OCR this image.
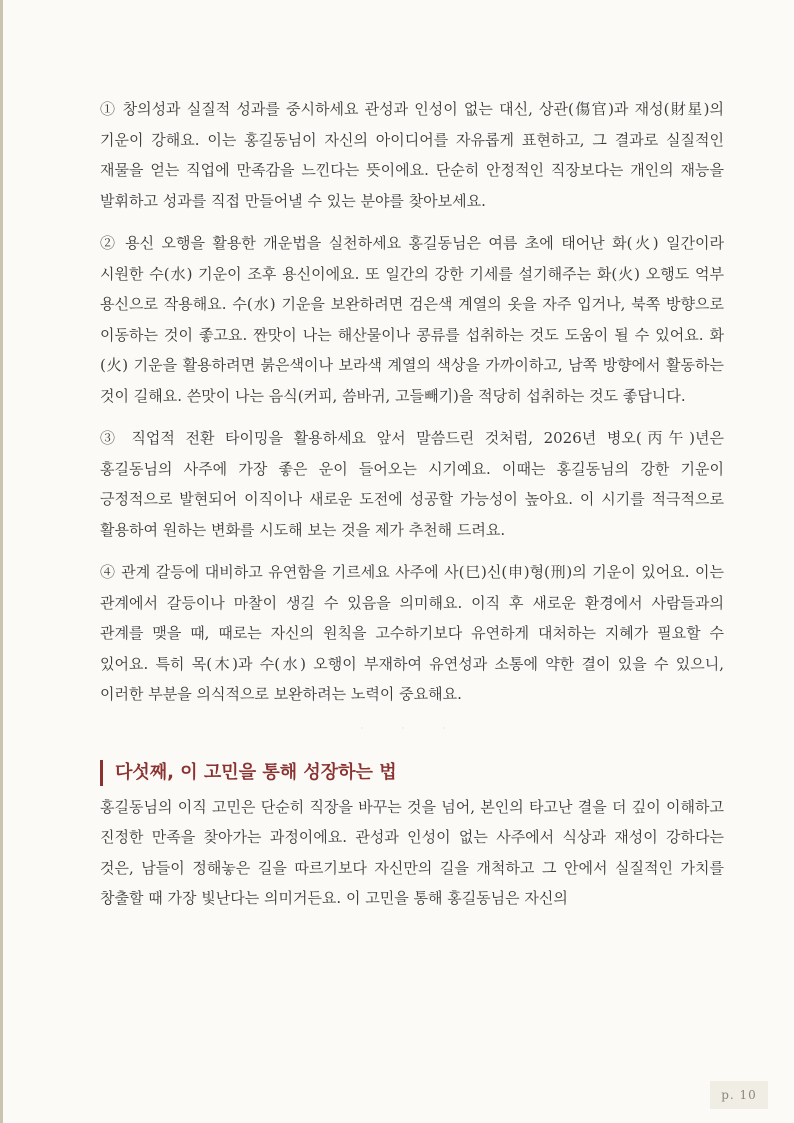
① 창의성과 실질적 성과를 중시하세요 관성과 인성이 없는 대신, 상관(傷官)과 재성(財星)의 기운이 강해요. 이는 홍길동님이 자신의 아이디어를 자유롭게 표현하고, 그 결과로 실질적인 재물을 얻는 직업에 만족감을 느낀다는 뜻이에요. 단순히 안정적인 직장보다는 개인의 재능을 발휘하고 성과를 직접 만들어낼 수 있는 분야를 찾아보세요.

② 용신 오행을 활용한 개운법을 실천하세요 홍길동님은 여름 초에 태어난 화(火) 일간이라 시원한 수(水) 기운이 조후 용신이에요. 또 일간의 강한 기세를 설기해주는 화(火) 오행도 억부 용신으로 작용해요. 수(水) 기운을 보완하려면 검은색 계열의 옷을 자주 입거나, 북쪽 방향으로 이동하는 것이 좋고요. 짠맛이 나는 해산물이나 콩류를 섭취하는 것도 도움이 될 수 있어요. 화(火) 기운을 활용하려면 붉은색이나 보라색 계열의 색상을 가까이하고, 남쪽 방향에서 활동하는 것이 길해요. 쓴맛이 나는 음식(커피, 씀바귀, 고들빼기)을 적당히 섭취하는 것도 좋답니다.

③ 직업적 전환 타이밍을 활용하세요 앞서 말씀드린 것처럼, 2026년 병오(丙午)년은 홍길동님의 사주에 가장 좋은 운이 들어오는 시기예요. 이때는 홍길동님의 강한 기운이 긍정적으로 발현되어 이직이나 새로운 도전에 성공할 가능성이 높아요. 이 시기를 적극적으로 활용하여 원하는 변화를 시도해 보는 것을 제가 추천해 드려요.

④ 관계 갈등에 대비하고 유연함을 기르세요 사주에 사(巳)신(申)형(刑)의 기운이 있어요. 이는 관계에서 갈등이나 마찰이 생길 수 있음을 의미해요. 이직 후 새로운 환경에서 사람들과의 관계를 맺을 때, 때로는 자신의 원칙을 고수하기보다 유연하게 대처하는 지혜가 필요할 수 있어요. 특히 목(木)과 수(水) 오행이 부재하여 유연성과 소통에 약한 결이 있을 수 있으니, 이러한 부분을 의식적으로 보완하려는 노력이 중요해요.

· · ·
다섯째, 이 고민을 통해 성장하는 법

홍길동님의 이직 고민은 단순히 직장을 바꾸는 것을 넘어, 본인의 타고난 결을 더 깊이 이해하고 진정한 만족을 찾아가는 과정이에요. 관성과 인성이 없는 사주에서 식상과 재성이 강하다는 것은, 남들이 정해놓은 길을 따르기보다 자신만의 길을 개척하고 그 안에서 실질적인 가치를 창출할 때 가장 빛난다는 의미거든요. 이 고민을 통해 홍길동님은 자신의

p. 10
